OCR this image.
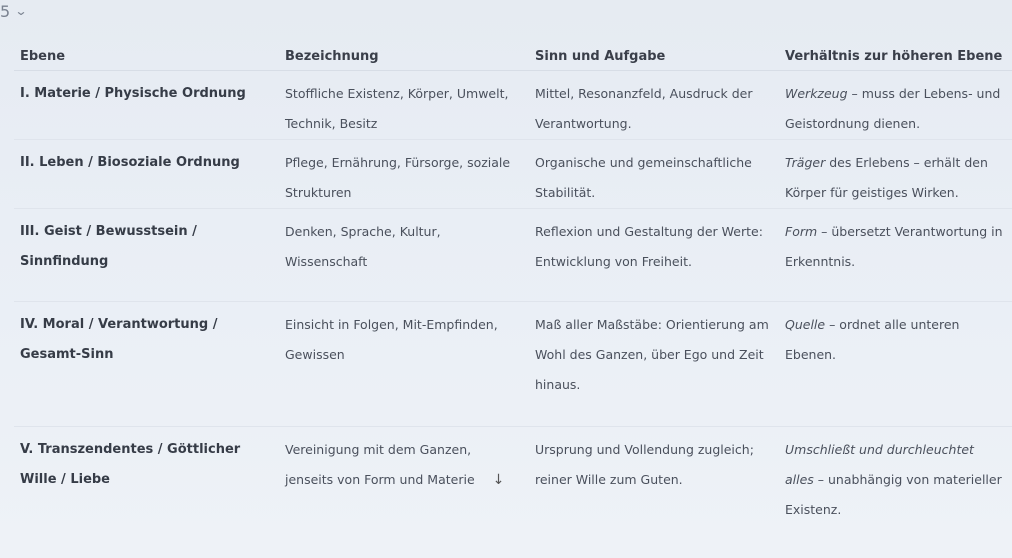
5 ⌄
Ebene	Bezeichnung	Sinn und Aufgabe	Verhältnis zur höheren Ebene
I. Materie / Physische Ordnung	Stoffliche Existenz, Körper, Umwelt, Technik, Besitz	Mittel, Resonanzfeld, Ausdruck der Verantwortung.	Werkzeug – muss der Lebens- und Geistordnung dienen.
II. Leben / Biosoziale Ordnung	Pflege, Ernährung, Fürsorge, soziale Strukturen	Organische und gemeinschaftliche Stabilität.	Träger des Erlebens – erhält den Körper für geistiges Wirken.
III. Geist / Bewusstsein / Sinnfindung	Denken, Sprache, Kultur, Wissenschaft	Reflexion und Gestaltung der Werte: Entwicklung von Freiheit.	Form – übersetzt Verantwortung in Erkenntnis.
IV. Moral / Verantwortung / Gesamt-Sinn	Einsicht in Folgen, Mit-Empfinden, Gewissen	Maß aller Maßstäbe: Orientierung am Wohl des Ganzen, über Ego und Zeit hinaus.	Quelle – ordnet alle unteren Ebenen.
V. Transzendentes / Göttlicher Wille / Liebe	Vereinigung mit dem Ganzen, jenseits von Form und Materie ↓	Ursprung und Vollendung zugleich; reiner Wille zum Guten.	Umschließt und durchleuchtet alles – unabhängig von materieller Existenz.
